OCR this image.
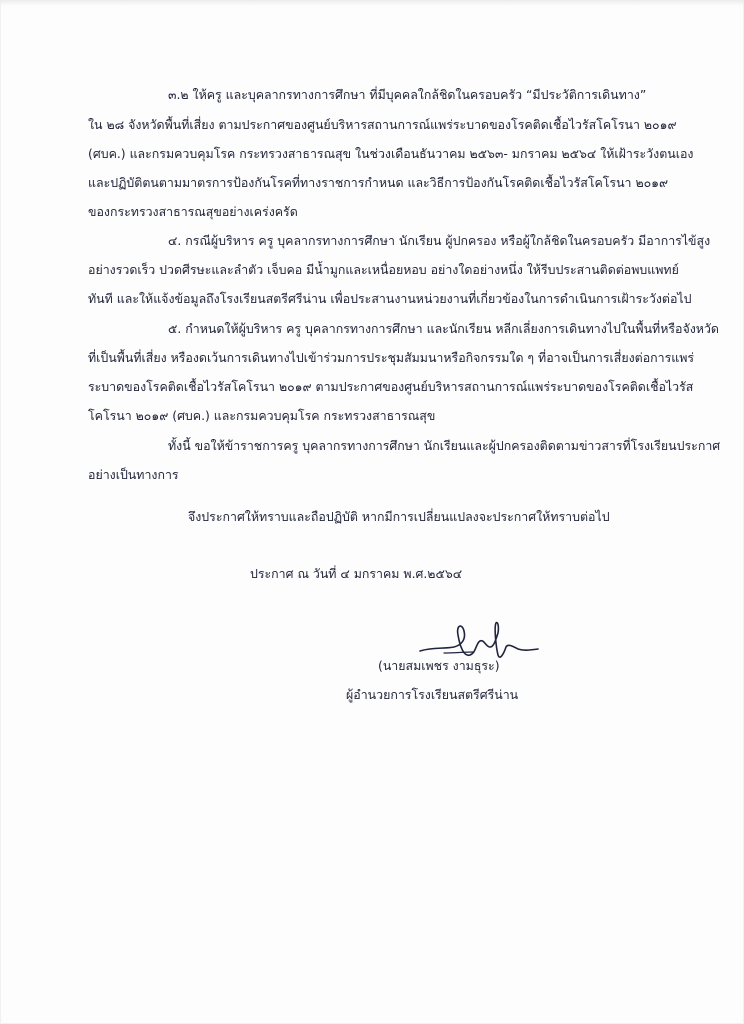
๓.๒ ให้ครู และบุคลากรทางการศึกษา ที่มีบุคคลใกล้ชิดในครอบครัว “มีประวัติการเดินทาง”
ใน ๒๘ จังหวัดพื้นที่เสี่ยง ตามประกาศของศูนย์บริหารสถานการณ์แพร่ระบาดของโรคติดเชื้อไวรัสโคโรนา ๒๐๑๙
(ศบค.) และกรมควบคุมโรค กระทรวงสาธารณสุข ในช่วงเดือนธันวาคม ๒๕๖๓- มกราคม ๒๕๖๔ ให้เฝ้าระวังตนเอง
และปฏิบัติตนตามมาตรการป้องกันโรคที่ทางราชการกำหนด และวิธีการป้องกันโรคติดเชื้อไวรัสโคโรนา ๒๐๑๙
ของกระทรวงสาธารณสุขอย่างเคร่งครัด
๔. กรณีผู้บริหาร ครู บุคลากรทางการศึกษา นักเรียน ผู้ปกครอง หรือผู้ใกล้ชิดในครอบครัว มีอาการไข้สูง
อย่างรวดเร็ว ปวดศีรษะและลำตัว เจ็บคอ มีน้ำมูกและเหนื่อยหอบ อย่างใดอย่างหนึ่ง ให้รีบประสานติดต่อพบแพทย์
ทันที และให้แจ้งข้อมูลถึงโรงเรียนสตรีศรีน่าน เพื่อประสานงานหน่วยงานที่เกี่ยวข้องในการดำเนินการเฝ้าระวังต่อไป
๕. กำหนดให้ผู้บริหาร ครู บุคลากรทางการศึกษา และนักเรียน หลีกเลี่ยงการเดินทางไปในพื้นที่หรือจังหวัด
ที่เป็นพื้นที่เสี่ยง หรืองดเว้นการเดินทางไปเข้าร่วมการประชุมสัมมนาหรือกิจกรรมใด ๆ ที่อาจเป็นการเสี่ยงต่อการแพร่
ระบาดของโรคติดเชื้อไวรัสโคโรนา ๒๐๑๙ ตามประกาศของศูนย์บริหารสถานการณ์แพร่ระบาดของโรคติดเชื้อไวรัส
โคโรนา ๒๐๑๙ (ศบค.) และกรมควบคุมโรค กระทรวงสาธารณสุข
ทั้งนี้ ขอให้ข้าราชการครู บุคลากรทางการศึกษา นักเรียนและผู้ปกครองติดตามข่าวสารที่โรงเรียนประกาศ
อย่างเป็นทางการ
จึงประกาศให้ทราบและถือปฏิบัติ หากมีการเปลี่ยนแปลงจะประกาศให้ทราบต่อไป
ประกาศ ณ วันที่ ๔ มกราคม พ.ศ.๒๕๖๔
(นายสมเพชร งามธุระ)
ผู้อำนวยการโรงเรียนสตรีศรีน่าน
